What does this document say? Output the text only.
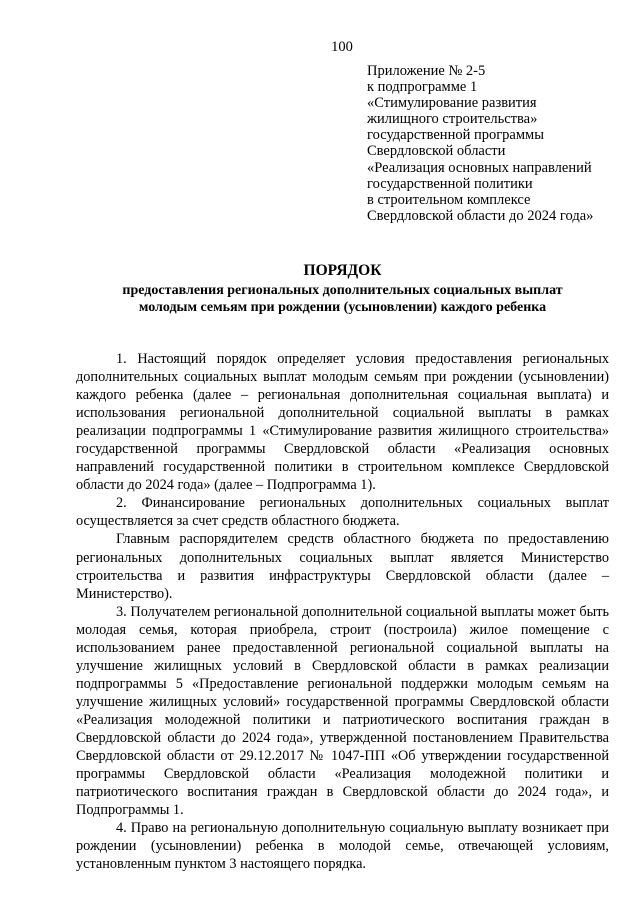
100
Приложение № 2-5
к подпрограмме 1
«Стимулирование развития
жилищного строительства»
государственной программы
Свердловской области
«Реализация основных направлений
государственной политики
в строительном комплексе
Свердловской области до 2024 года»
ПОРЯДОК
предоставления региональных дополнительных социальных выплат
молодым семьям при рождении (усыновлении) каждого ребенка

1. Настоящий порядок определяет условия предоставления региональных дополнительных социальных выплат молодым семьям при рождении (усыновлении) каждого ребенка (далее – региональная дополнительная социальная выплата) и использования региональной дополнительной социальной выплаты в рамках реализации подпрограммы 1 «Стимулирование развития жилищного строительства» государственной программы Свердловской области «Реализация основных направлений государственной политики в строительном комплексе Свердловской области до 2024 года» (далее – Подпрограмма 1).

2. Финансирование региональных дополнительных социальных выплат осуществляется за счет средств областного бюджета.

Главным распорядителем средств областного бюджета по предоставлению региональных дополнительных социальных выплат является Министерство строительства и развития инфраструктуры Свердловской области (далее – Министерство).

3. Получателем региональной дополнительной социальной выплаты может быть молодая семья, которая приобрела, строит (построила) жилое помещение с использованием ранее предоставленной региональной социальной выплаты на улучшение жилищных условий в Свердловской области в рамках реализации подпрограммы 5 «Предоставление региональной поддержки молодым семьям на улучшение жилищных условий» государственной программы Свердловской области «Реализация молодежной политики и патриотического воспитания граждан в Свердловской области до 2024 года», утвержденной постановлением Правительства Свердловской области от 29.12.2017 № 1047-ПП «Об утверждении государственной программы Свердловской области «Реализация молодежной политики и патриотического воспитания граждан в Свердловской области до 2024 года», и Подпрограммы 1.

4. Право на региональную дополнительную социальную выплату возникает при рождении (усыновлении) ребенка в молодой семье, отвечающей условиям, установленным пунктом 3 настоящего порядка.
